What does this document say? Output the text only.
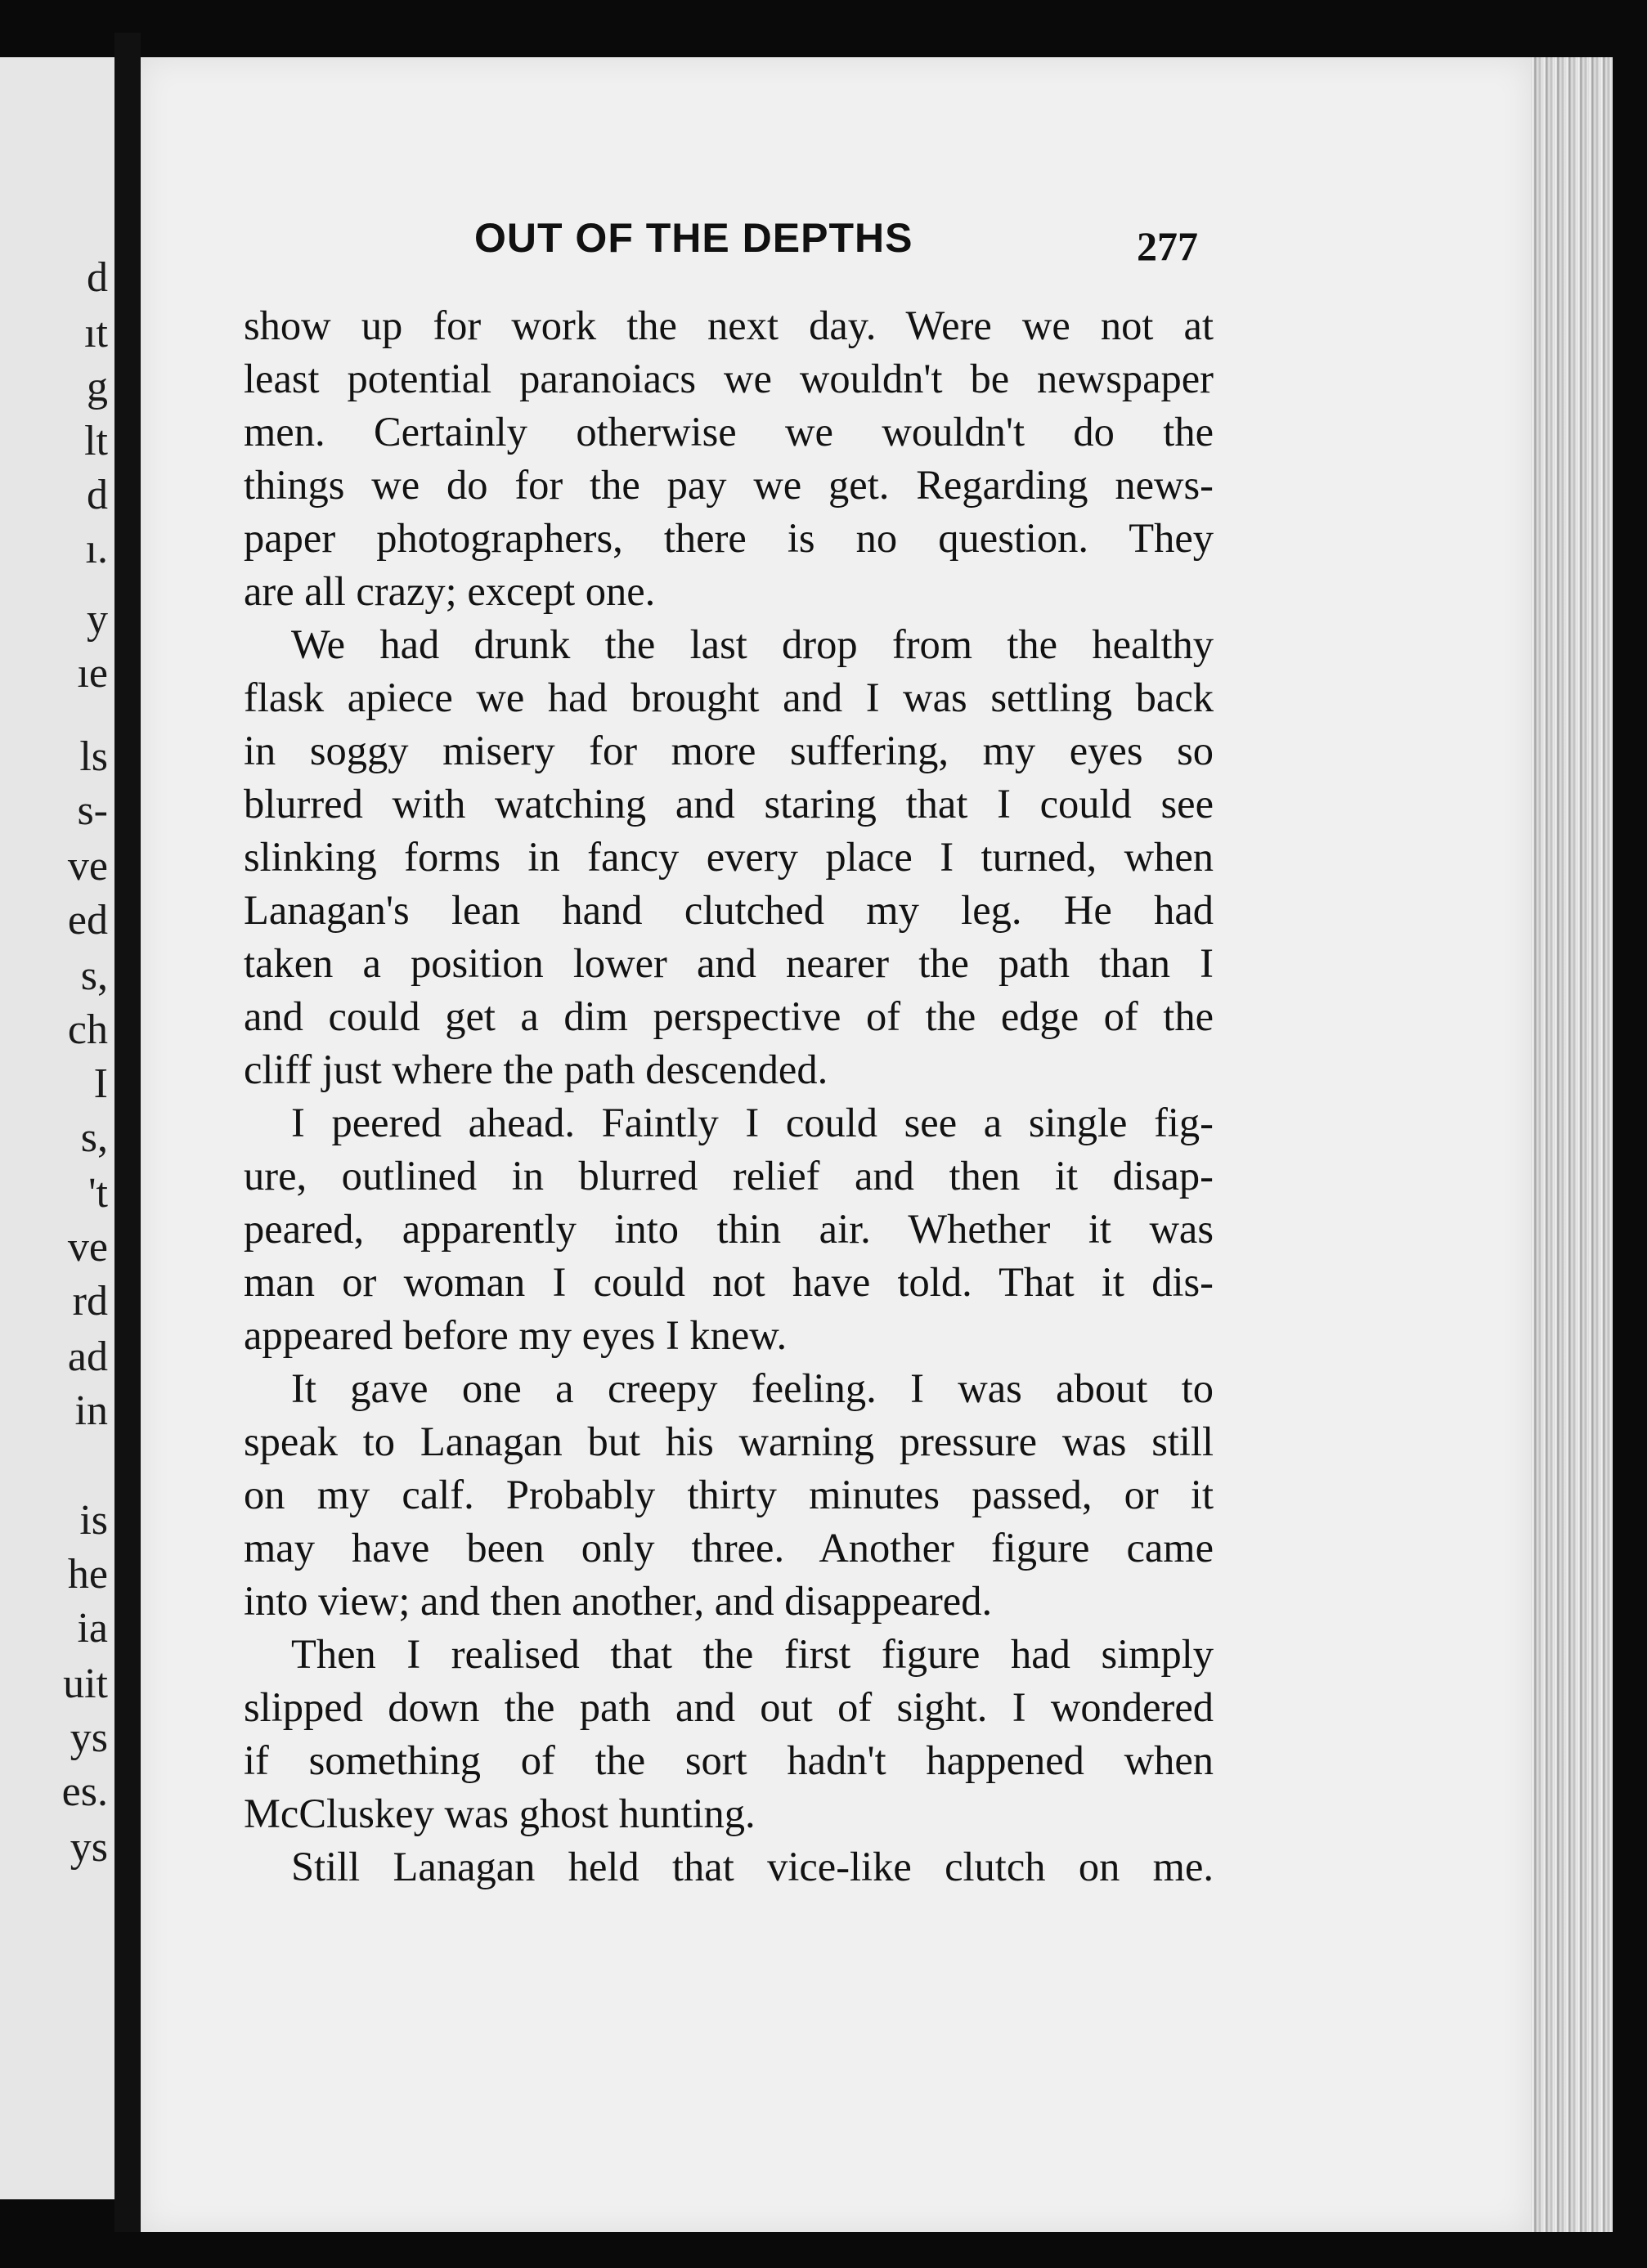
d
ıt
g
lt
d
ı.
y
ıe
ls
s-
ve
ed
s,
ch
I
s,
't
ve
rd
ad
in
is
he
ia
uit
ys
es.
ys
OUT OF THE DEPTHS	277
show up for work the next day. Were we not at
least potential paranoiacs we wouldn't be newspaper
men. Certainly otherwise we wouldn't do the
things we do for the pay we get. Regarding news-
paper photographers, there is no question. They
are all crazy; except one.
We had drunk the last drop from the healthy
flask apiece we had brought and I was settling back
in soggy misery for more suffering, my eyes so
blurred with watching and staring that I could see
slinking forms in fancy every place I turned, when
Lanagan's lean hand clutched my leg. He had
taken a position lower and nearer the path than I
and could get a dim perspective of the edge of the
cliff just where the path descended.
I peered ahead. Faintly I could see a single fig-
ure, outlined in blurred relief and then it disap-
peared, apparently into thin air. Whether it was
man or woman I could not have told. That it dis-
appeared before my eyes I knew.
It gave one a creepy feeling. I was about to
speak to Lanagan but his warning pressure was still
on my calf. Probably thirty minutes passed, or it
may have been only three. Another figure came
into view; and then another, and disappeared.
Then I realised that the first figure had simply
slipped down the path and out of sight. I wondered
if something of the sort hadn't happened when
McCluskey was ghost hunting.
Still Lanagan held that vice-like clutch on me.
